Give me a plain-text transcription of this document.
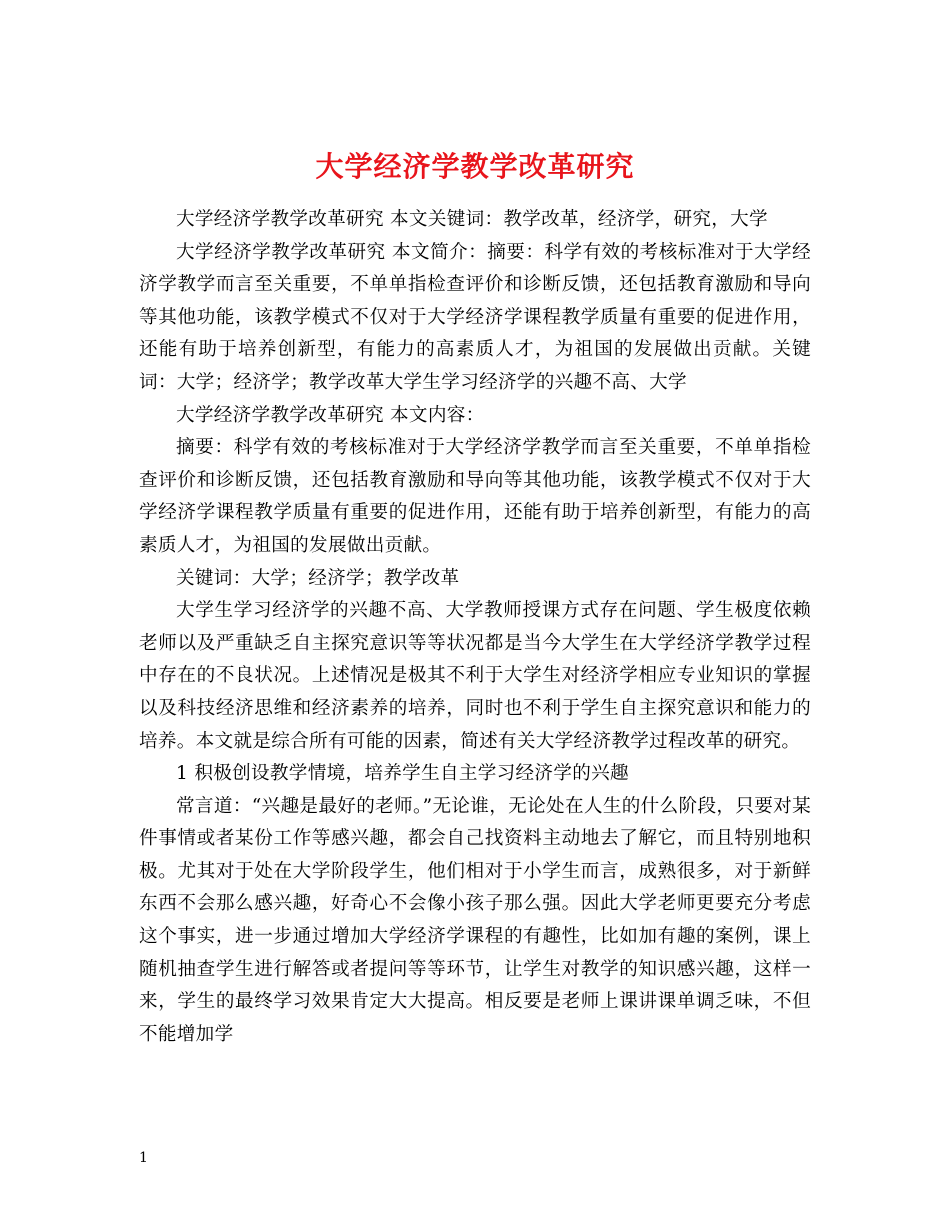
大学经济学教学改革研究

大学经济学教学改革研究 本文关键词：教学改革，经济学，研究，大学

大学经济学教学改革研究 本文简介：摘要：科学有效的考核标准对于大学经济学教学而言至关重要，不单单指检查评价和诊断反馈，还包括教育激励和导向等其他功能，该教学模式不仅对于大学经济学课程教学质量有重要的促进作用，还能有助于培养创新型，有能力的高素质人才，为祖国的发展做出贡献。关键词：大学；经济学；教学改革大学生学习经济学的兴趣不高、大学

大学经济学教学改革研究 本文内容：

摘要：科学有效的考核标准对于大学经济学教学而言至关重要，不单单指检查评价和诊断反馈，还包括教育激励和导向等其他功能，该教学模式不仅对于大学经济学课程教学质量有重要的促进作用，还能有助于培养创新型，有能力的高素质人才，为祖国的发展做出贡献。

关键词：大学；经济学；教学改革

大学生学习经济学的兴趣不高、大学教师授课方式存在问题、学生极度依赖老师以及严重缺乏自主探究意识等等状况都是当今大学生在大学经济学教学过程中存在的不良状况。上述情况是极其不利于大学生对经济学相应专业知识的掌握以及科技经济思维和经济素养的培养，同时也不利于学生自主探究意识和能力的培养。本文就是综合所有可能的因素，简述有关大学经济教学过程改革的研究。

1 积极创设教学情境，培养学生自主学习经济学的兴趣

常言道：“兴趣是最好的老师。”无论谁，无论处在人生的什么阶段，只要对某件事情或者某份工作等感兴趣，都会自己找资料主动地去了解它，而且特别地积极。尤其对于处在大学阶段学生，他们相对于小学生而言，成熟很多，对于新鲜东西不会那么感兴趣，好奇心不会像小孩子那么强。因此大学老师更要充分考虑这个事实，进一步通过增加大学经济学课程的有趣性，比如加有趣的案例，课上随机抽查学生进行解答或者提问等等环节，让学生对教学的知识感兴趣，这样一来，学生的最终学习效果肯定大大提高。相反要是老师上课讲课单调乏味，不但不能增加学

1
